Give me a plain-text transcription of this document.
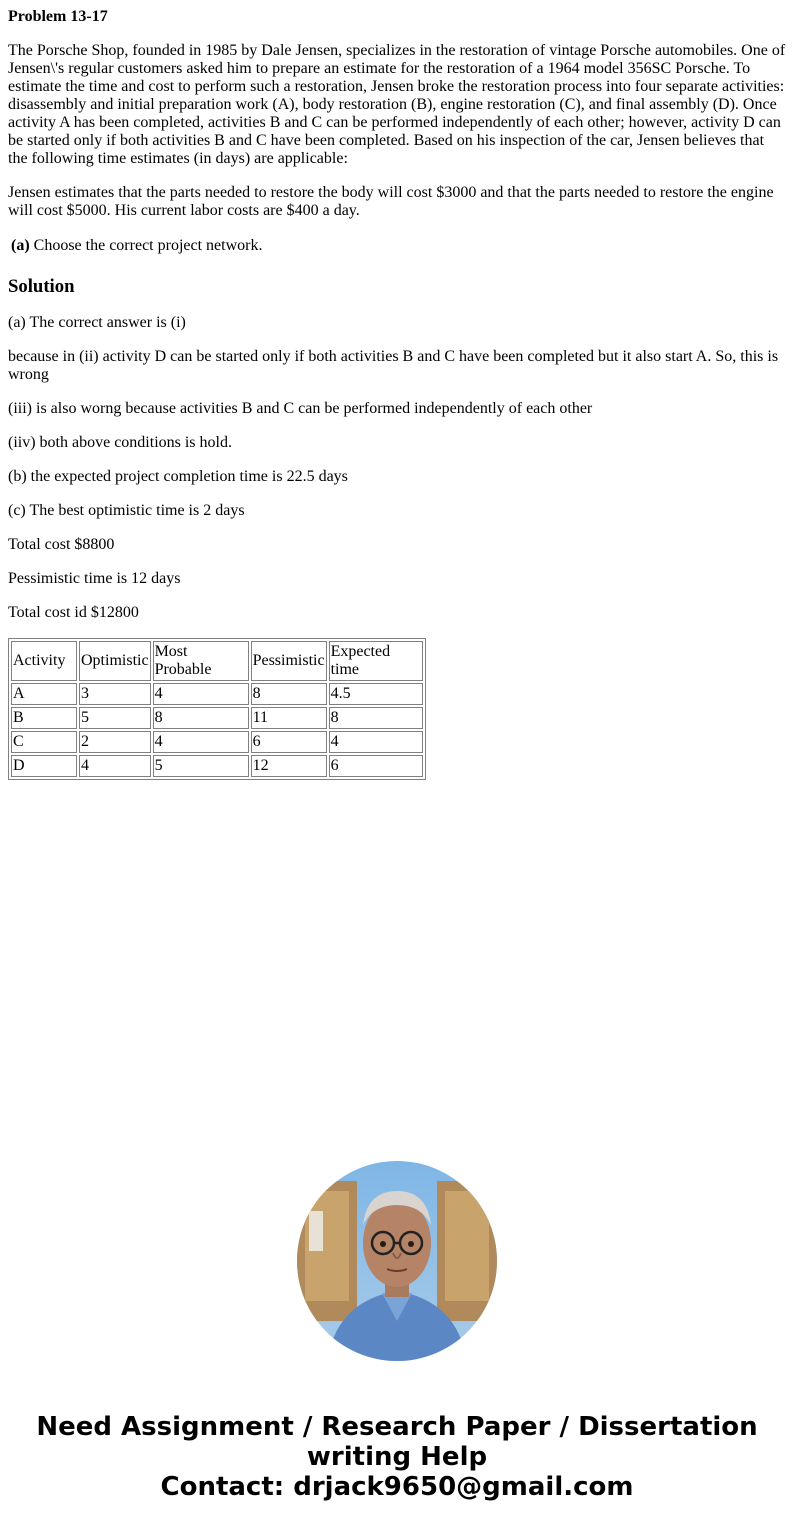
Problem 13-17

The Porsche Shop, founded in 1985 by Dale Jensen, specializes in the restoration of vintage Porsche automobiles. One of Jensen\'s regular customers asked him to prepare an estimate for the restoration of a 1964 model 356SC Porsche. To estimate the time and cost to perform such a restoration, Jensen broke the restoration process into four separate activities: disassembly and initial preparation work (A), body restoration (B), engine restoration (C), and final assembly (D). Once activity A has been completed, activities B and C can be performed independently of each other; however, activity D can be started only if both activities B and C have been completed. Based on his inspection of the car, Jensen believes that the following time estimates (in days) are applicable:

Jensen estimates that the parts needed to restore the body will cost $3000 and that the parts needed to restore the engine will cost $5000. His current labor costs are $400 a day.

(a)	Choose the correct project network.
Solution

(a) The correct answer is (i)

because in (ii) activity D can be started only if both activities B and C have been completed but it also start A. So, this is wrong

(iii) is also worng because activities B and C can be performed independently of each other

(iiv) both above conditions is hold.

(b) the expected project completion time is 22.5 days

(c) The best optimistic time is 2 days

Total cost $8800

Pessimistic time is 12 days

Total cost id $12800

Activity	Optimistic	Most Probable	Pessimistic	Expected time
A	3	4	8	4.5
B	5	8	11	8
C	2	4	6	4
D	4	5	12	6
Need Assignment / Research Paper / Dissertation
writing Help
Contact: drjack9650@gmail.com
